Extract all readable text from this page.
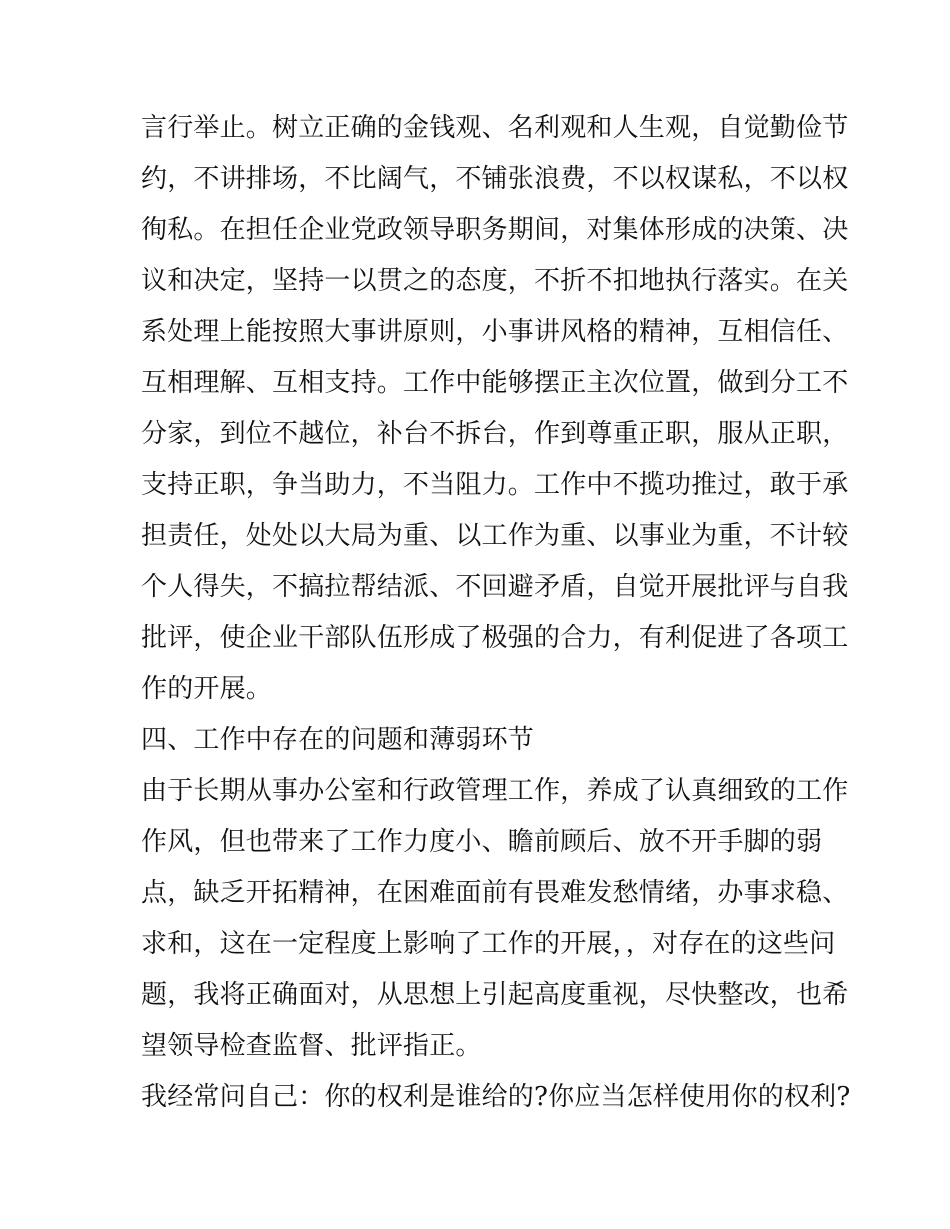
言行举止。树立正确的金钱观、名利观和人生观，自觉勤俭节
约，不讲排场，不比阔气，不铺张浪费，不以权谋私，不以权
徇私。在担任企业党政领导职务期间，对集体形成的决策、决
议和决定，坚持一以贯之的态度，不折不扣地执行落实。在关
系处理上能按照大事讲原则，小事讲风格的精神，互相信任、
互相理解、互相支持。工作中能够摆正主次位置，做到分工不
分家，到位不越位，补台不拆台，作到尊重正职，服从正职，
支持正职，争当助力，不当阻力。工作中不揽功推过，敢于承
担责任，处处以大局为重、以工作为重、以事业为重，不计较
个人得失，不搞拉帮结派、不回避矛盾，自觉开展批评与自我
批评，使企业干部队伍形成了极强的合力，有利促进了各项工
作的开展。
四、工作中存在的问题和薄弱环节
由于长期从事办公室和行政管理工作，养成了认真细致的工作
作风，但也带来了工作力度小、瞻前顾后、放不开手脚的弱
点，缺乏开拓精神，在困难面前有畏难发愁情绪，办事求稳、
求和，这在一定程度上影响了工作的开展，，对存在的这些问
题，我将正确面对，从思想上引起高度重视，尽快整改，也希
望领导检查监督、批评指正。
我经常问自己：你的权利是谁给的?你应当怎样使用你的权利?
